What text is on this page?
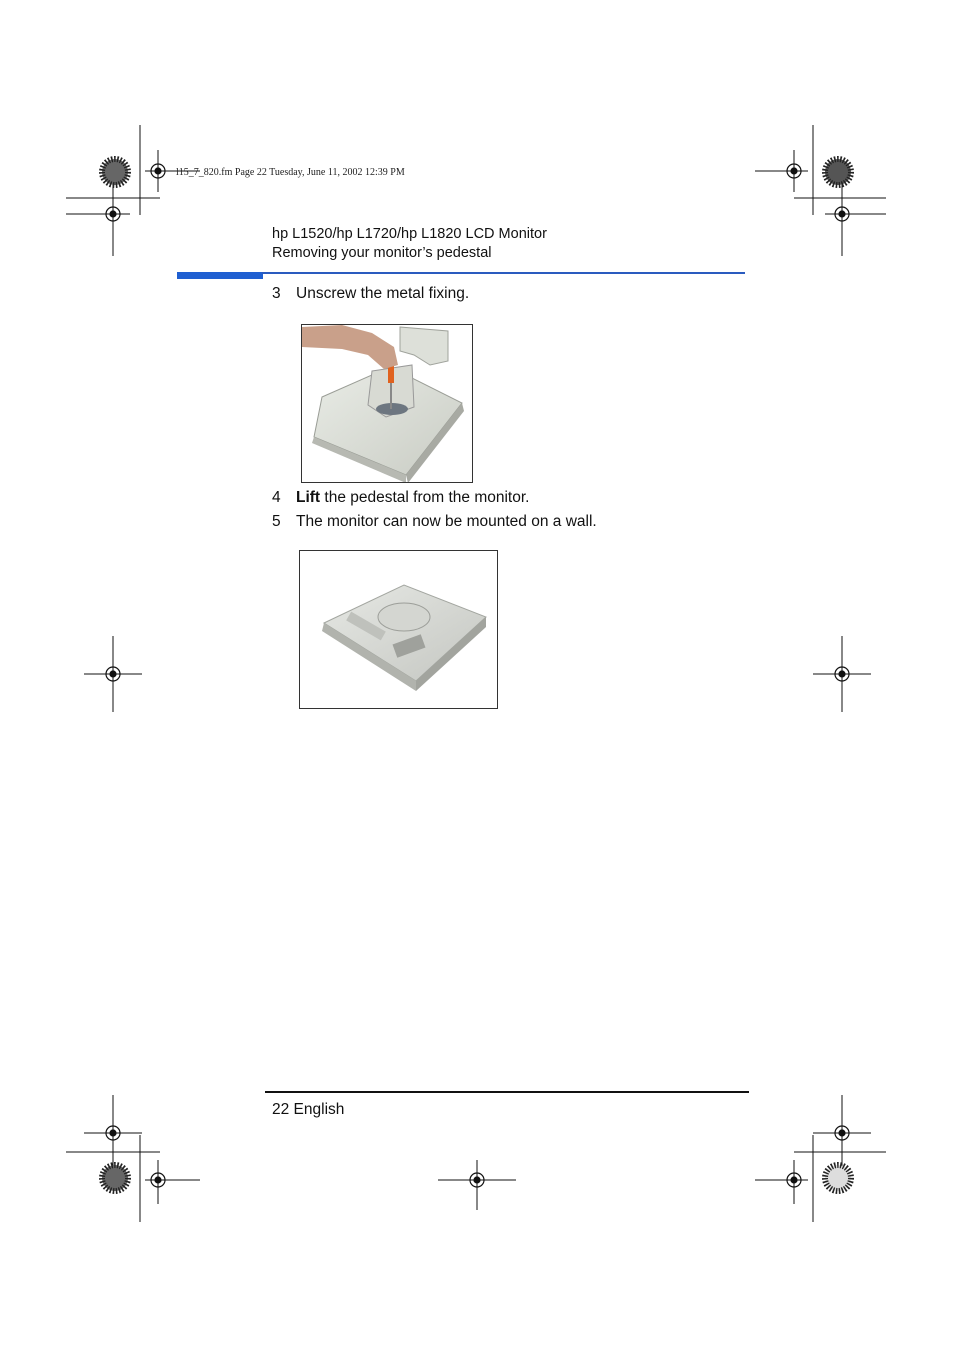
l15_7_820.fm Page 22 Tuesday, June 11, 2002 12:39 PM
hp L1520/hp L1720/hp L1820 LCD Monitor
Removing your monitor’s pedestal
3 Unscrew the metal fixing.
4 Lift the pedestal from the monitor.
5 The monitor can now be mounted on a wall.
22 English
